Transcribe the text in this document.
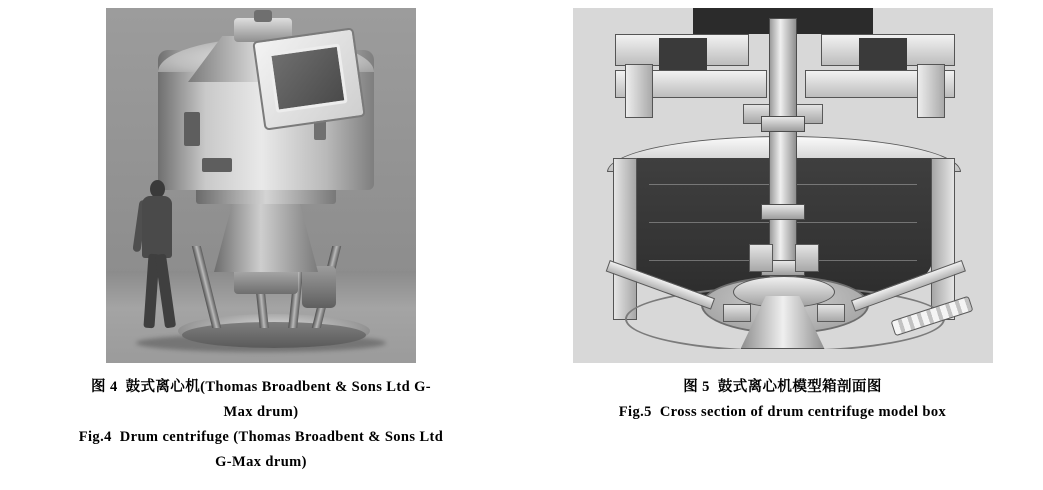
图 4 鼓式离心机(Thomas Broadbent & Sons Ltd G-
Max drum)
Fig.4 Drum centrifuge (Thomas Broadbent & Sons Ltd
G-Max drum)
图 5 鼓式离心机模型箱剖面图
Fig.5 Cross section of drum centrifuge model box
